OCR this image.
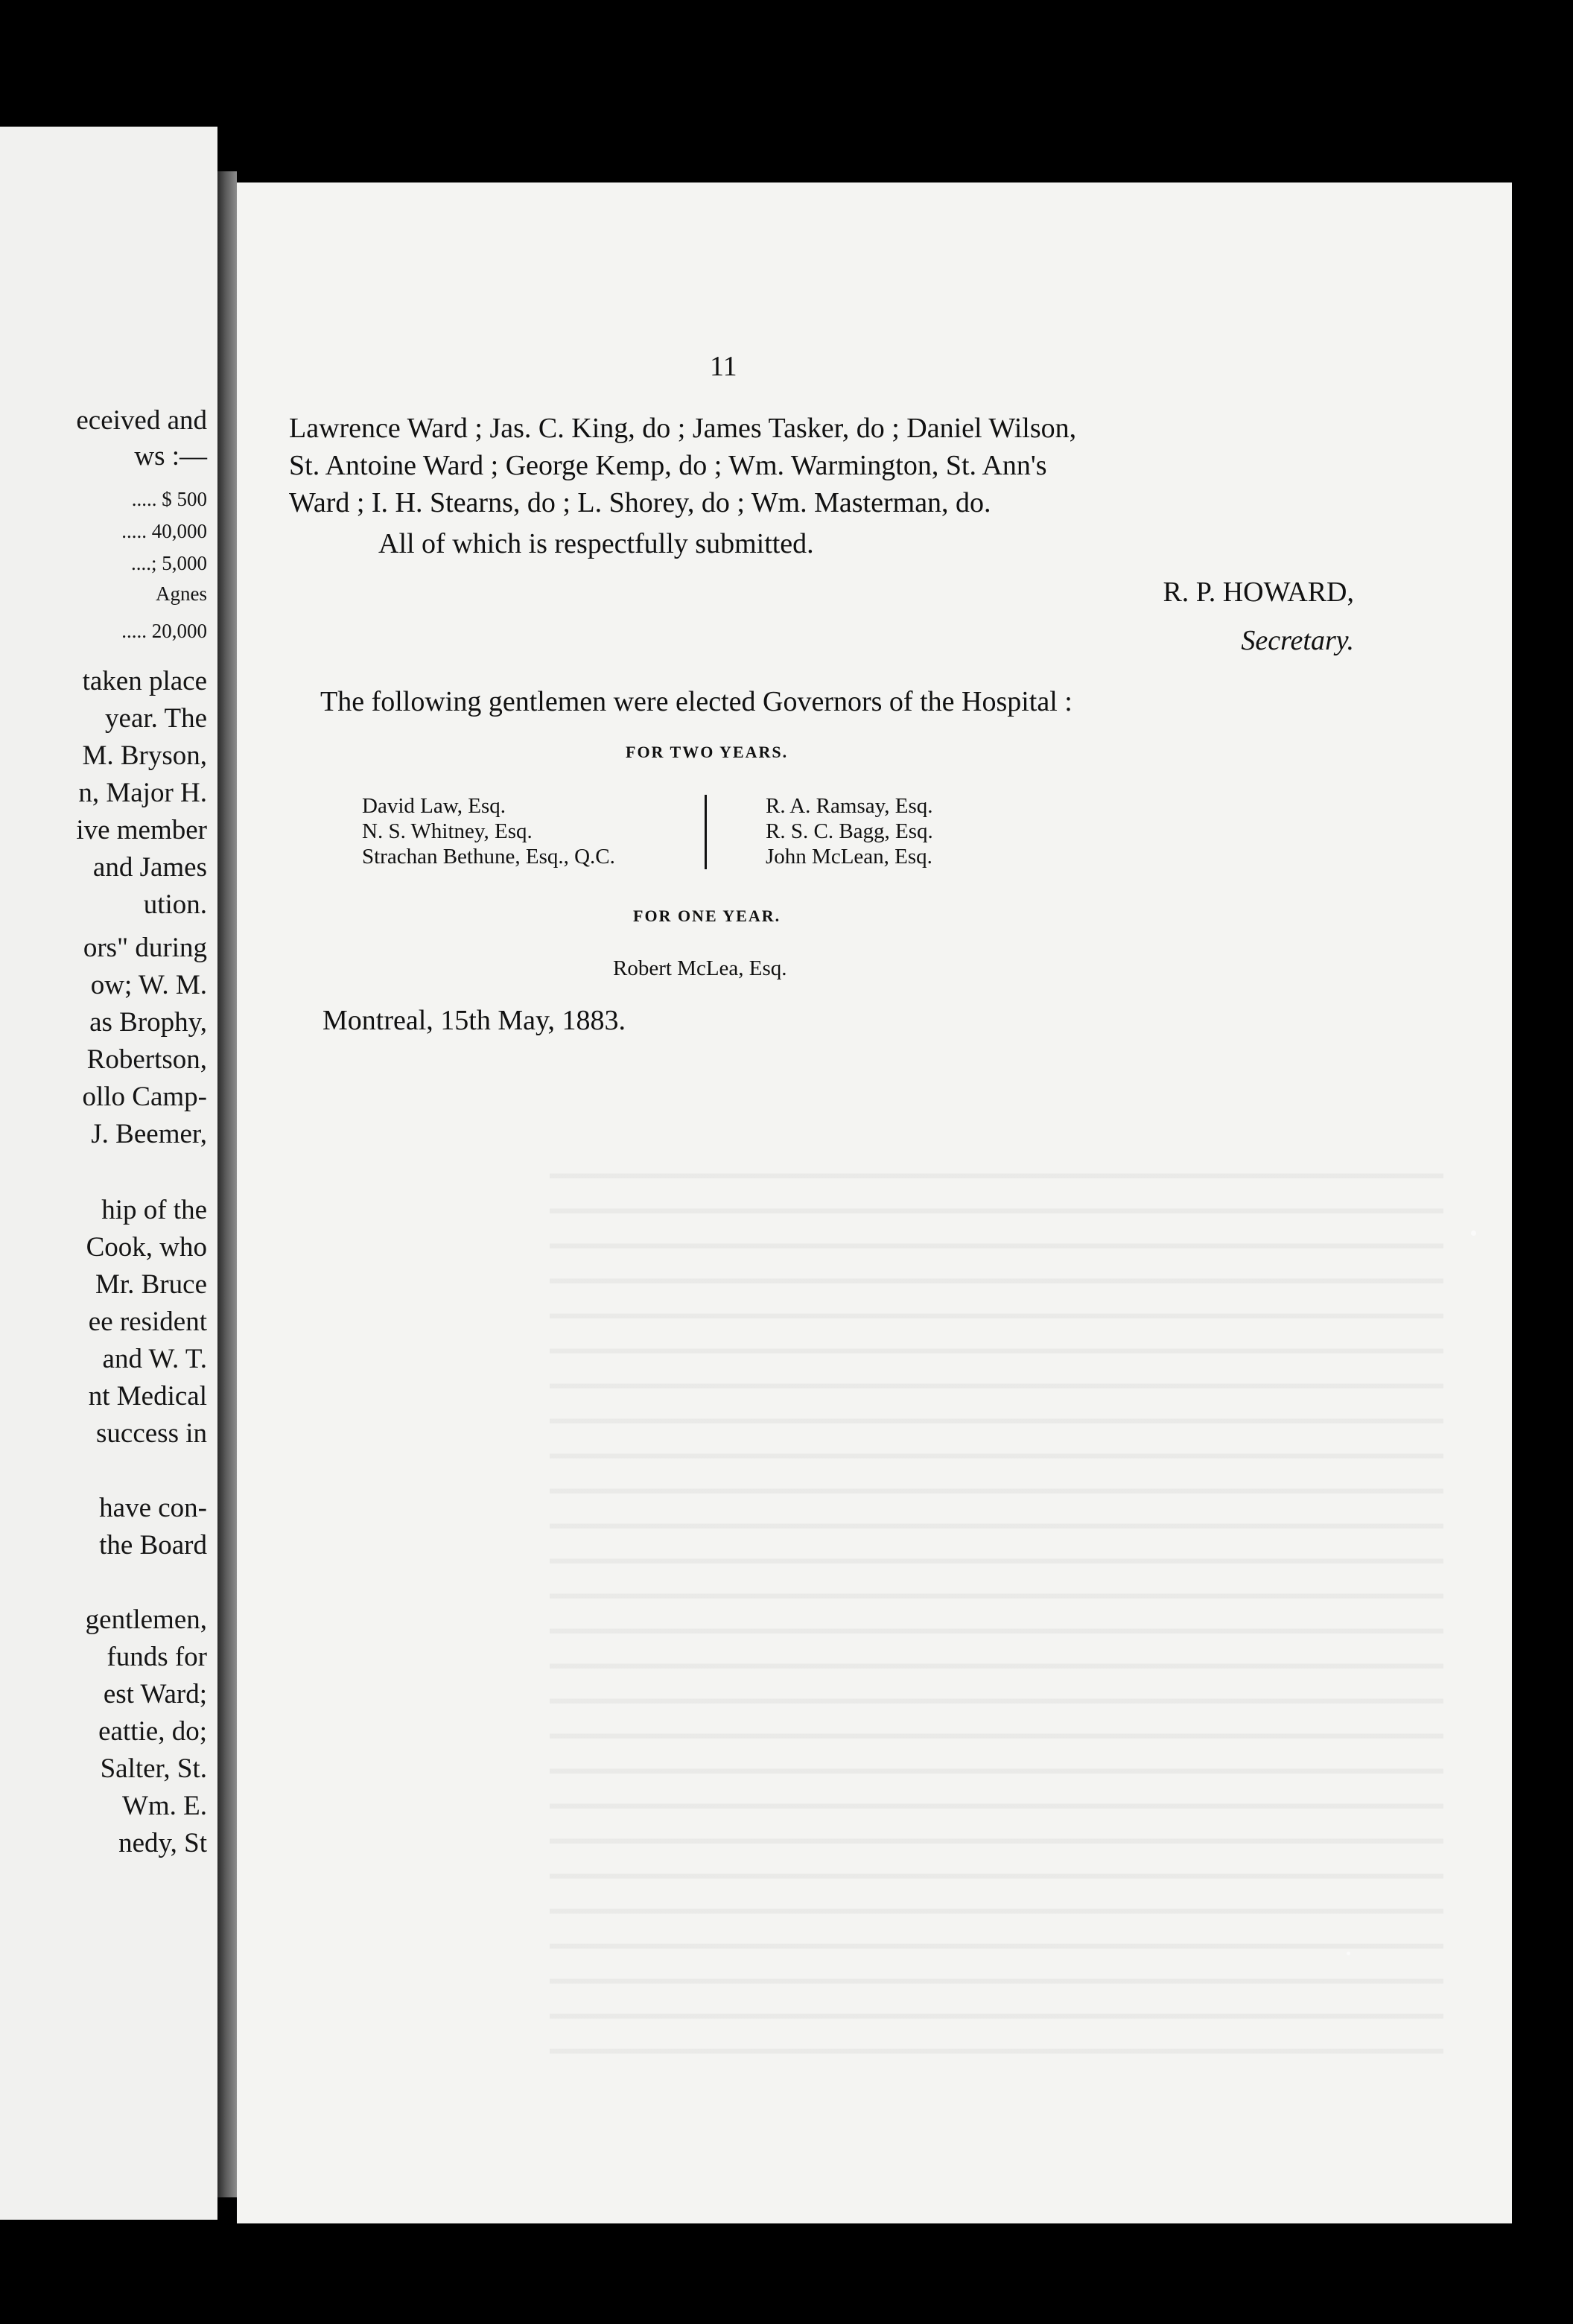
eceived and
ws :—
..... $ 500
..... 40,000
....; 5,000
Agnes
..... 20,000
taken place
year. The
M. Bryson,
n, Major H.
ive member
and James
ution.
ors" during
ow; W. M.
as Brophy,
Robertson,
ollo Camp-
J. Beemer,
hip of the
Cook, who
Mr. Bruce
ee resident
and W. T.
nt Medical
success in
have con-
the Board
gentlemen,
funds for
est Ward;
eattie, do;
Salter, St.
Wm. E.
nedy, St
11
Lawrence Ward ; Jas. C. King, do ; James Tasker, do ; Daniel Wilson,
St. Antoine Ward ; George Kemp, do ; Wm. Warmington, St. Ann's
Ward ; I. H. Stearns, do ; L. Shorey, do ; Wm. Masterman, do.
All of which is respectfully submitted.
R. P. HOWARD,
Secretary.
The following gentlemen were elected Governors of the Hospital :
FOR TWO YEARS.
David Law, Esq.
N. S. Whitney, Esq.
Strachan Bethune, Esq., Q.C.
R. A. Ramsay, Esq.
R. S. C. Bagg, Esq.
John McLean, Esq.
FOR ONE YEAR.
Robert McLea, Esq.
Montreal, 15th May, 1883.
